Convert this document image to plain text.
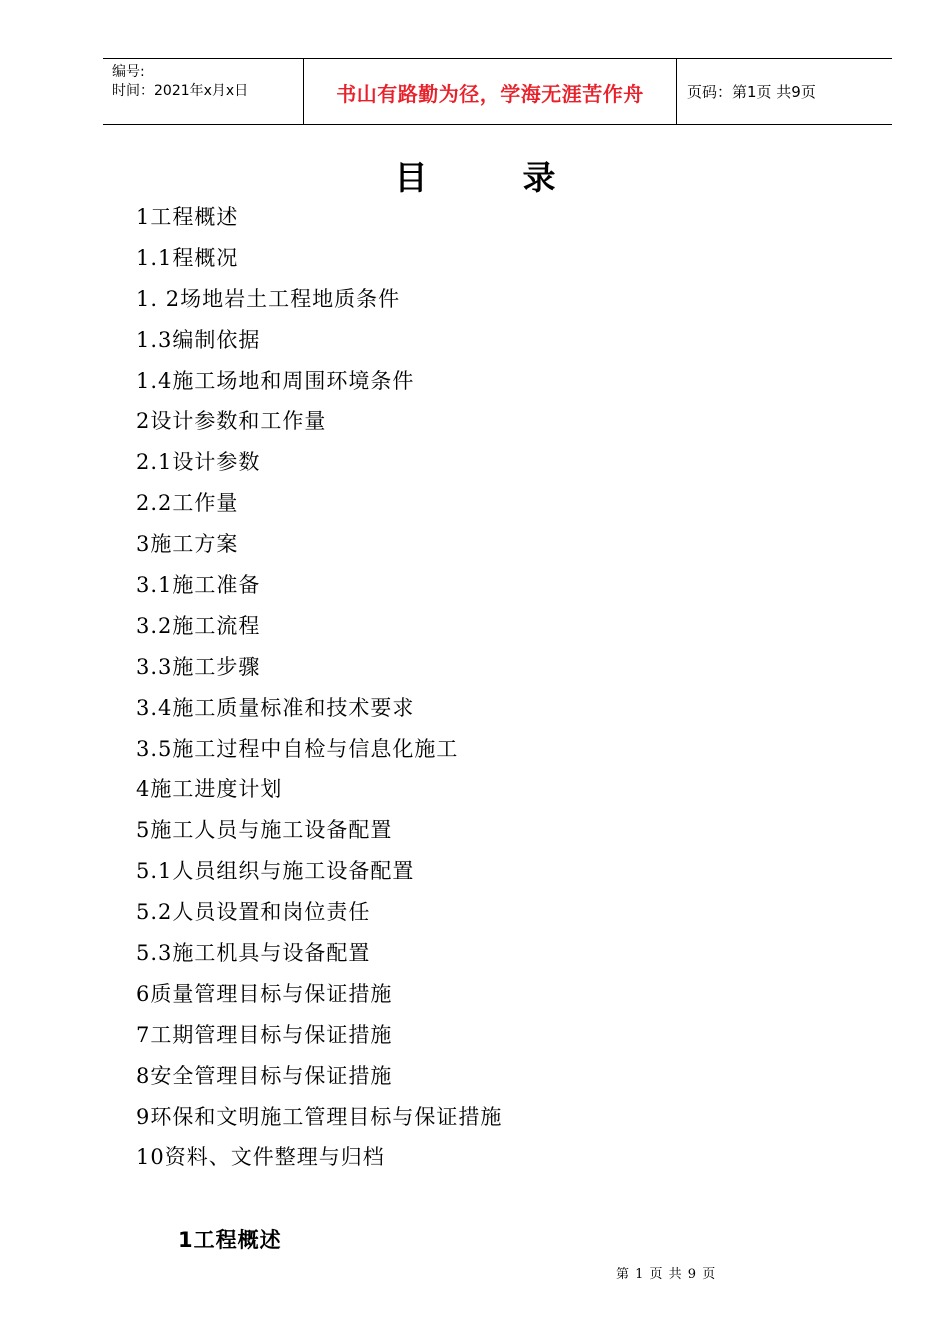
编号:
时间：2021年x月x日	书山有路勤为径，学海无涯苦作舟	页码：第1页 共9页
目录
1工程概述
1.1程概况
1. 2场地岩土工程地质条件
1.3编制依据
1.4施工场地和周围环境条件
2设计参数和工作量
2.1设计参数
2.2工作量
3施工方案
3.1施工准备
3.2施工流程
3.3施工步骤
3.4施工质量标准和技术要求
3.5施工过程中自检与信息化施工
4施工进度计划
5施工人员与施工设备配置
5.1人员组织与施工设备配置
5.2人员设置和岗位责任
5.3施工机具与设备配置
6质量管理目标与保证措施
7工期管理目标与保证措施
8安全管理目标与保证措施
9环保和文明施工管理目标与保证措施
10资料、文件整理与归档
1工程概述
第 1 页 共 9 页
